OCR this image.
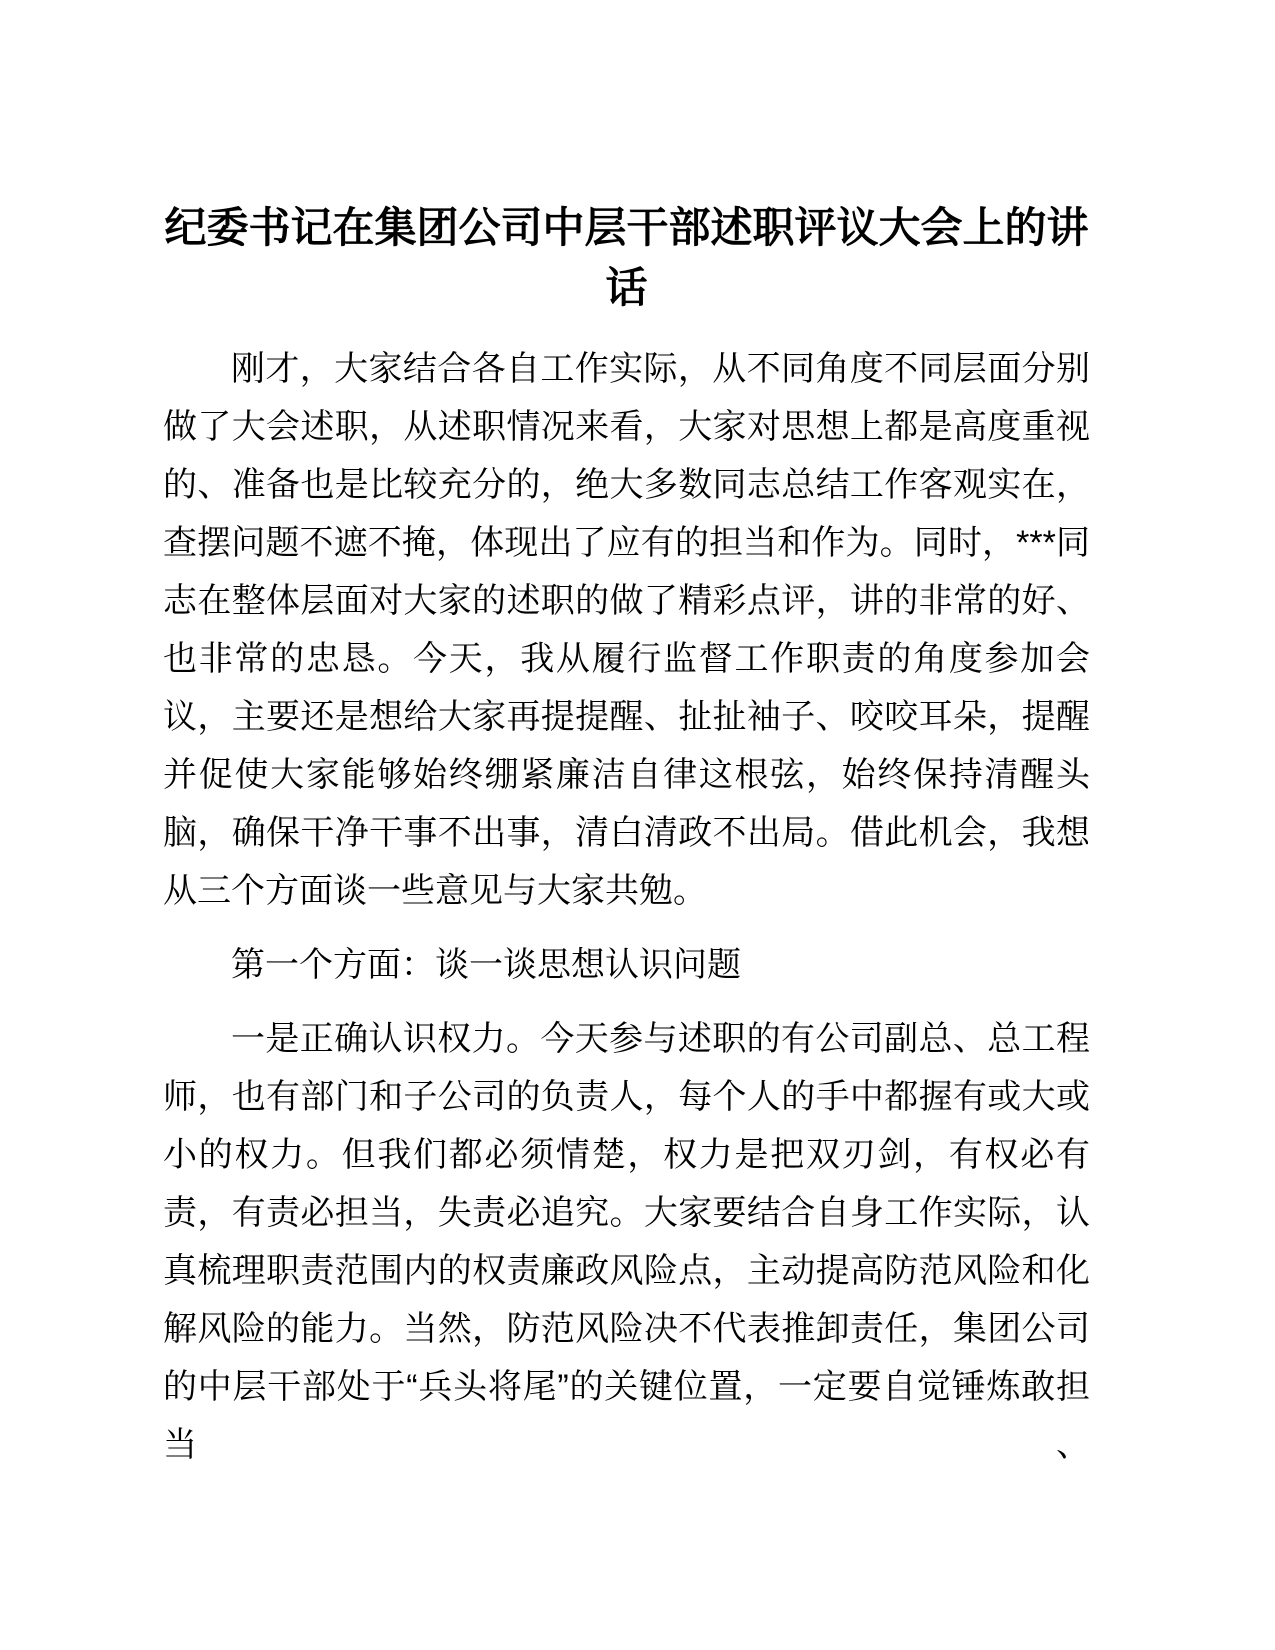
纪委书记在集团公司中层干部述职评议大会上的讲话

刚才，大家结合各自工作实际，从不同角度不同层面分别做了大会述职，从述职情况来看，大家对思想上都是高度重视的、准备也是比较充分的，绝大多数同志总结工作客观实在，查摆问题不遮不掩，体现出了应有的担当和作为。同时，***同志在整体层面对大家的述职的做了精彩点评，讲的非常的好、也非常的忠恳。今天，我从履行监督工作职责的角度参加会议，主要还是想给大家再提提醒、扯扯袖子、咬咬耳朵，提醒并促使大家能够始终绷紧廉洁自律这根弦，始终保持清醒头脑，确保干净干事不出事，清白清政不出局。借此机会，我想从三个方面谈一些意见与大家共勉。

第一个方面：谈一谈思想认识问题

一是正确认识权力。今天参与述职的有公司副总、总工程师，也有部门和子公司的负责人，每个人的手中都握有或大或小的权力。但我们都必须情楚，权力是把双刃剑，有权必有责，有责必担当，失责必追究。大家要结合自身工作实际，认真梳理职责范围内的权责廉政风险点，主动提高防范风险和化解风险的能力。当然，防范风险决不代表推卸责任，集团公司的中层干部处于“兵头将尾”的关键位置，一定要自觉锤炼敢担当、
